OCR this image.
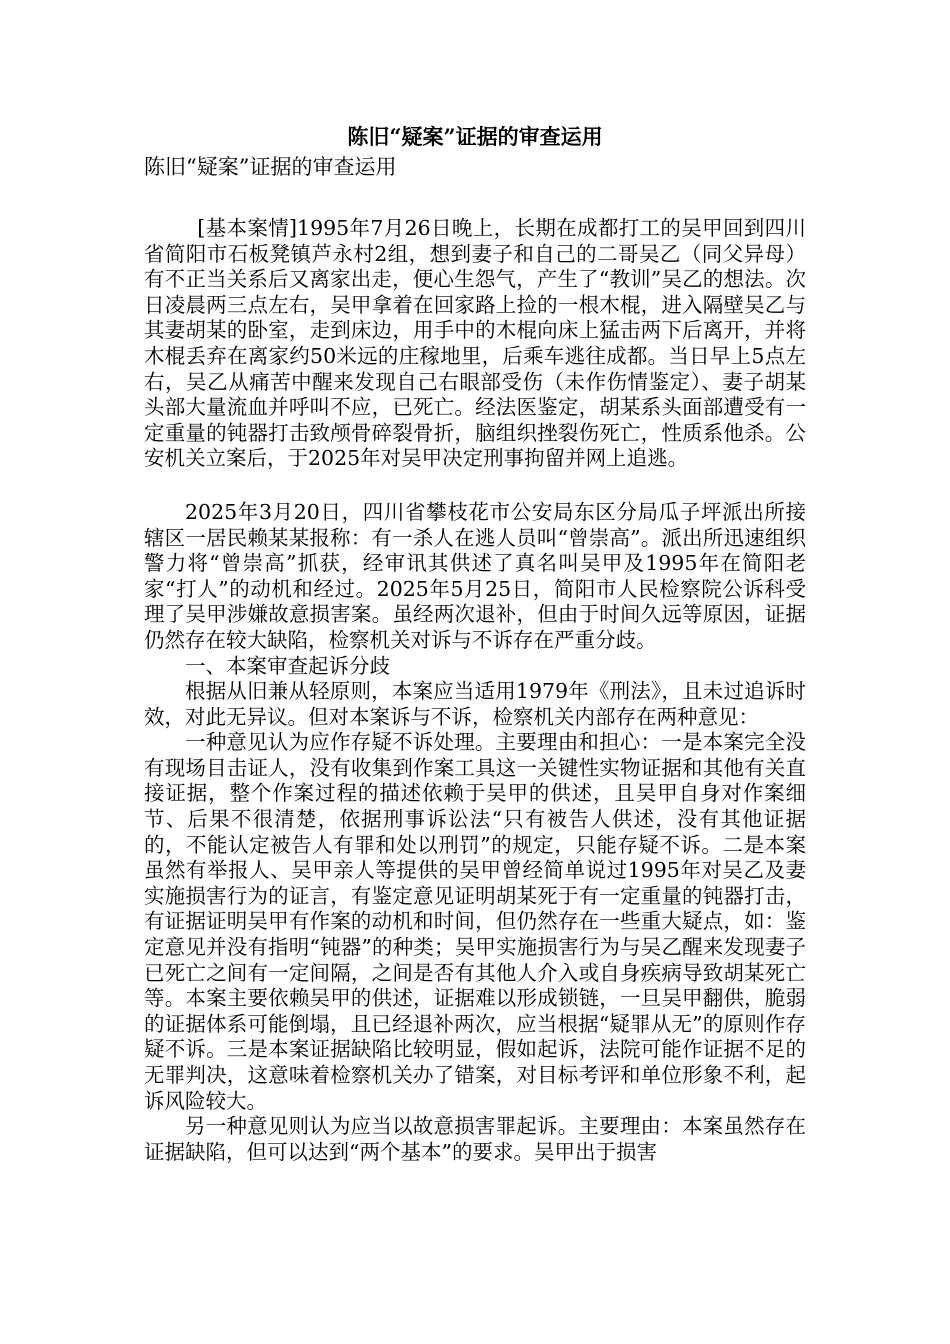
陈旧“疑案”证据的审查运用

陈旧“疑案”证据的审查运用

[基本案情]1995年7月26日晚上，长期在成都打工的吴甲回到四川省简阳市石板凳镇芦永村2组，想到妻子和自己的二哥吴乙（同父异母）有不正当关系后又离家出走，便心生怨气，产生了“教训”吴乙的想法。次日凌晨两三点左右，吴甲拿着在回家路上捡的一根木棍，进入隔壁吴乙与其妻胡某的卧室，走到床边，用手中的木棍向床上猛击两下后离开，并将木棍丢弃在离家约50米远的庄稼地里，后乘车逃往成都。当日早上5点左右，吴乙从痛苦中醒来发现自己右眼部受伤（未作伤情鉴定）、妻子胡某头部大量流血并呼叫不应，已死亡。经法医鉴定，胡某系头面部遭受有一定重量的钝器打击致颅骨碎裂骨折，脑组织挫裂伤死亡，性质系他杀。公安机关立案后，于2025年对吴甲决定刑事拘留并网上追逃。

2025年3月20日，四川省攀枝花市公安局东区分局瓜子坪派出所接辖区一居民赖某某报称：有一杀人在逃人员叫“曾崇高”。派出所迅速组织警力将“曾崇高”抓获，经审讯其供述了真名叫吴甲及1995年在简阳老家“打人”的动机和经过。2025年5月25日，简阳市人民检察院公诉科受理了吴甲涉嫌故意损害案。虽经两次退补，但由于时间久远等原因，证据仍然存在较大缺陷，检察机关对诉与不诉存在严重分歧。

一、本案审查起诉分歧

根据从旧兼从轻原则，本案应当适用1979年《刑法》，且未过追诉时效，对此无异议。但对本案诉与不诉，检察机关内部存在两种意见：

一种意见认为应作存疑不诉处理。主要理由和担心：一是本案完全没有现场目击证人，没有收集到作案工具这一关键性实物证据和其他有关直接证据，整个作案过程的描述依赖于吴甲的供述，且吴甲自身对作案细节、后果不很清楚，依据刑事诉讼法“只有被告人供述，没有其他证据的，不能认定被告人有罪和处以刑罚”的规定，只能存疑不诉。二是本案虽然有举报人、吴甲亲人等提供的吴甲曾经简单说过1995年对吴乙及妻实施损害行为的证言，有鉴定意见证明胡某死于有一定重量的钝器打击，有证据证明吴甲有作案的动机和时间，但仍然存在一些重大疑点，如：鉴定意见并没有指明“钝器”的种类；吴甲实施损害行为与吴乙醒来发现妻子已死亡之间有一定间隔，之间是否有其他人介入或自身疾病导致胡某死亡等。本案主要依赖吴甲的供述，证据难以形成锁链，一旦吴甲翻供，脆弱的证据体系可能倒塌，且已经退补两次，应当根据“疑罪从无”的原则作存疑不诉。三是本案证据缺陷比较明显，假如起诉，法院可能作证据不足的无罪判决，这意味着检察机关办了错案，对目标考评和单位形象不利，起诉风险较大。

另一种意见则认为应当以故意损害罪起诉。主要理由：本案虽然存在证据缺陷，但可以达到“两个基本”的要求。吴甲出于损害
